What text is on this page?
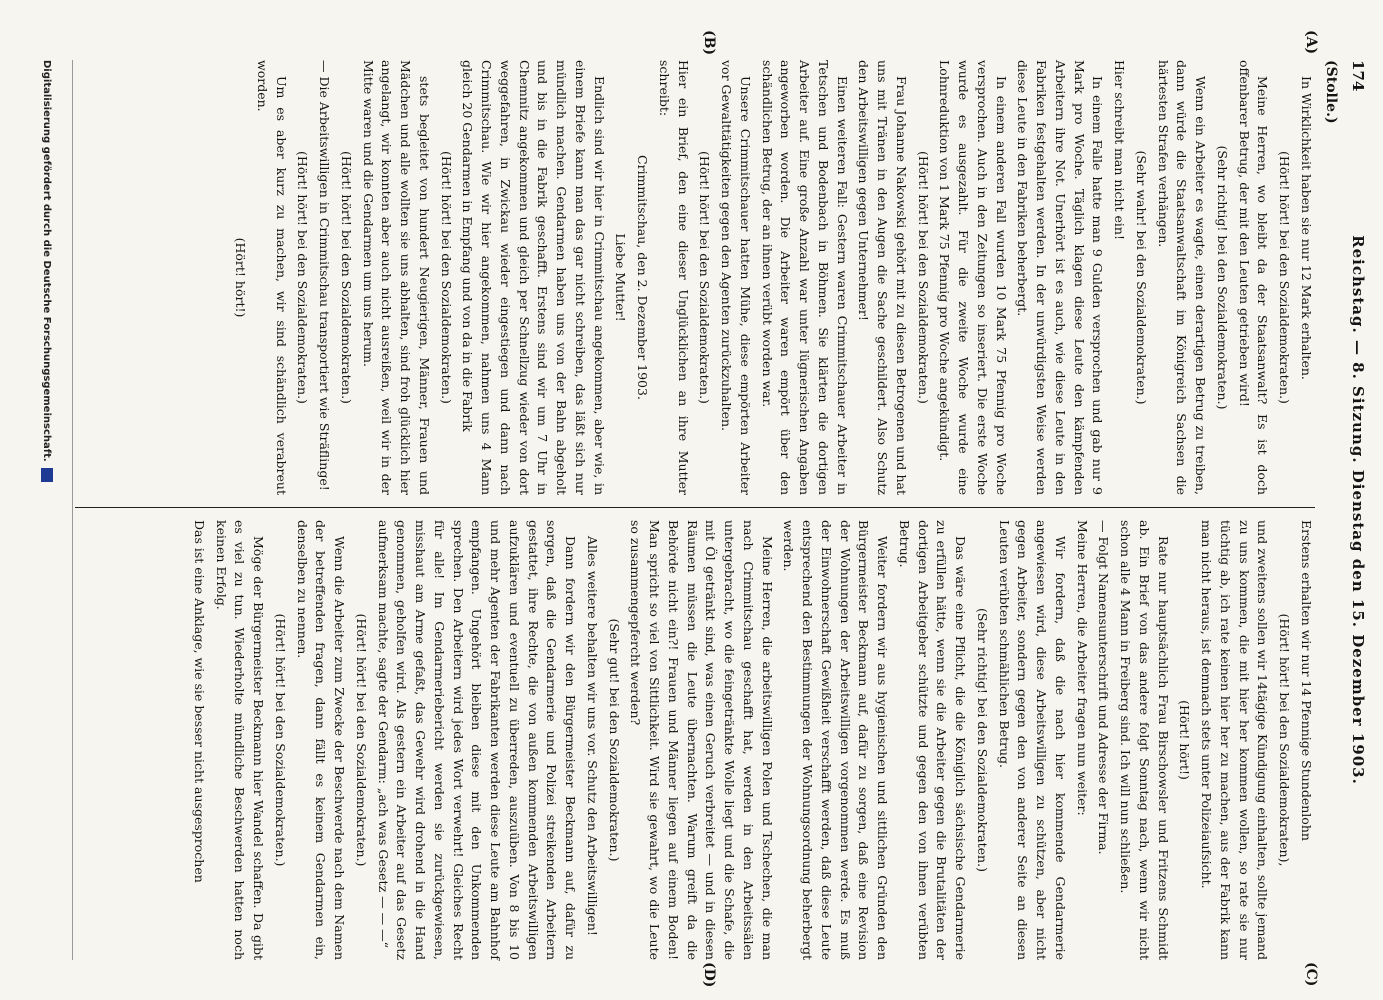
174
Reichstag. — 8. Sitzung. Dienstag den 15. Dezember 1903.
(Stolle.)
(A)
(B)
(C)
(D)

In Wirklichkeit haben sie nur 12 Mark erhalten.

(Hört! hört! bei den Sozialdemokraten.)

Meine Herren, wo bleibt da der Staatsanwalt? Es ist doch offenbarer Betrug, der mit den Leuten getrieben wird!

(Sehr richtig! bei den Sozialdemokraten.)

Wenn ein Arbeiter es wagte, einen derartigen Betrug zu treiben, dann würde die Staatsanwaltschaft im Königreich Sachsen die härtesten Strafen verhängen.

(Sehr wahr! bei den Sozialdemokraten.)

Hier schreibt man nicht ein!

In einem Falle hatte man 9 Gulden versprochen und gab nur 9 Mark pro Woche. Täglich klagen diese Leute den kämpfenden Arbeitern ihre Not. Unerhört ist es auch, wie diese Leute in den Fabriken festgehalten werden. In der unwürdigsten Weise werden diese Leute in den Fabriken beherbergt.

In einem anderen Fall wurden 10 Mark 75 Pfennig pro Woche versprochen. Auch in den Zeitungen so inseriert. Die erste Woche wurde es ausgezahlt. Für die zweite Woche wurde eine Lohnreduktion von 1 Mark 75 Pfennig pro Woche angekündigt.

(Hört! hört! bei den Sozialdemokraten.)

Frau Johanne Nakowski gehört mit zu diesen Betrogenen und hat uns mit Tränen in den Augen die Sache geschildert. Also Schutz den Arbeitswilligen gegen Unternehmer!

Einen weiteren Fall: Gestern waren Crimmitschauer Arbeiter in Tetschen und Bodenbach in Böhmen. Sie klärten die dortigen Arbeiter auf. Eine große Anzahl war unter lügnerischen Angaben angeworben worden. Die Arbeiter waren empört über den schändlichen Betrug, der an ihnen verübt worden war.

Unsere Crimmitschauer hatten Mühe, diese empörten Arbeiter vor Gewalttätigkeiten gegen den Agenten zurückzuhalten.

(Hört! hört! bei den Sozialdemokraten.)

Hier ein Brief, den eine dieser Unglücklichen an ihre Mutter schreibt:

Crimmitschau, den 2. Dezember 1903.

Liebe Mutter!

Endlich sind wir hier in Crimmitschau angekommen, aber wie, in einem Briefe kann man das gar nicht schreiben, das läßt sich nur mündlich machen. Gendarmen haben uns von der Bahn abgeholt und bis in die Fabrik geschafft. Erstens sind wir um 7 Uhr in Chemnitz angekommen und gleich per Schnellzug wieder von dort weggefahren, in Zwickau wieder eingestiegen und dann nach Crimmitschau. Wie wir hier angekommen, nahmen uns 4 Mann gleich 20 Gendarmen in Empfang und von da in die Fabrik

(Hört! hört! bei den Sozialdemokraten.)

stets begleitet von hundert Neugierigen, Männer, Frauen und Mädchen und alle wollten sie uns abhalten, sind froh glücklich hier angelangt, wir konnten aber auch nicht ausreißen, weil wir in der Mitte waren und die Gendarmen um uns herum.

(Hört! hört! bei den Sozialdemokraten.)

— Die Arbeitswilligen in Crimmitschau transportiert wie Sträflinge!

(Hört! hört! bei den Sozialdemokraten.)

Um es aber kurz zu machen, wir sind schändlich verabreut worden.

(Hört! hört!)

Erstens erhalten wir nur 14 Pfennige Stundenlohn

(Hört! hört! bei den Sozialdemokraten),

und zweitens sollen wir 14tägige Kündigung einhalten, sollte jemand zu uns kommen, die mit hier her kommen wollen, so rate sie nur tüchtig ab, ich rate keinen hier her zu machen, aus der Fabrik kann man nicht heraus, ist demnach stets unter Polizeiaufsicht.

(Hört! hört!)

Rate nur hauptsächlich Frau Birschowsler und Fritzens Schmidt ab. Ein Brief von das andere folgt Sonntag nach, wenn wir nicht schon alle 4 Mann in Freiberg sind. Ich will nun schließen.

— Folgt Namensunterschrift und Adresse der Firma.

Meine Herren, die Arbeiter fragen nun weiter:

Wir fordern, daß die nach hier kommende Gendarmerie angewiesen wird, diese Arbeitswilligen zu schützen, aber nicht gegen Arbeiter, sondern gegen den von anderer Seite an diesen Leuten verübten schmählichen Betrug.

(Sehr richtig! bei den Sozialdemokraten.)

Das wäre eine Pflicht, die die Königlich sächsische Gendarmerie zu erfüllen hätte, wenn sie die Arbeiter gegen die Brutalitäten der dortigen Arbeitgeber schützte und gegen den von ihnen verübten Betrug.

Weiter fordern wir aus hygienischen und sittlichen Gründen den Bürgermeister Beckmann auf, dafür zu sorgen, daß eine Revision der Wohnungen der Arbeitswilligen vorgenommen werde. Es muß der Einwohnerschaft Gewißheit verschafft werden, daß diese Leute entsprechend den Bestimmungen der Wohnungsordnung beherbergt werden.

Meine Herren, die arbeitswilligen Polen und Tschechen, die man nach Crimmitschau geschafft hat, werden in den Arbeitssälen untergebracht, wo die feingetränkte Wolle liegt und die Schafe, die mit Öl getränkt sind, was einen Geruch verbreitet — und in diesen Räumen müssen die Leute übernachten. Warum greift da die Behörde nicht ein?! Frauen und Männer liegen auf einem Boden! Man spricht so viel von Sittlichkeit. Wird sie gewahrt, wo die Leute so zusammengepfercht werden?

(Sehr gut! bei den Sozialdemokraten.)

Alles weitere behalten wir uns vor. Schutz den Arbeitswilligen!

Dann fordern wir den Bürgermeister Beckmann auf, dafür zu sorgen, daß die Gendarmerie und Polizei streikenden Arbeitern gestattet, ihre Rechte, die von außen kommenden Arbeitswilligen aufzuklären und eventuell zu überreden, auszuüben. Von 8 bis 10 und mehr Agenten der Fabrikanten werden diese Leute am Bahnhof empfangen. Ungehört bleiben diese mit den Unkommenden sprechen. Den Arbeitern wird jedes Wort verwehrt! Gleiches Recht für alle! Im Gendarmeriebericht werden sie zurückgewiesen, misshaut am Arme gefaßt, das Gewehr wird drohend in die Hand genommen, geholfen wird. Als gestern ein Arbeiter auf das Gesetz aufmerksam machte, sagte der Gendarm: „ach was Gesetz — — —“

(Hört! hört! bei den Sozialdemokraten.)

Wenn die Arbeiter zum Zwecke der Beschwerde nach dem Namen der betreffenden fragen, dann fällt es keinem Gendarmen ein, denselben zu nennen.

(Hört! hört! bei den Sozialdemokraten.)

Möge der Bürgermeister Beckmann hier Wandel schaffen. Da gibt es viel zu tun. Wiederholte mündliche Beschwerden hatten noch keinen Erfolg.

Das ist eine Anklage, wie sie besser nicht ausgesprochen

Digitalisierung gefördert durch die Deutsche Forschungsgemeinschaft.
